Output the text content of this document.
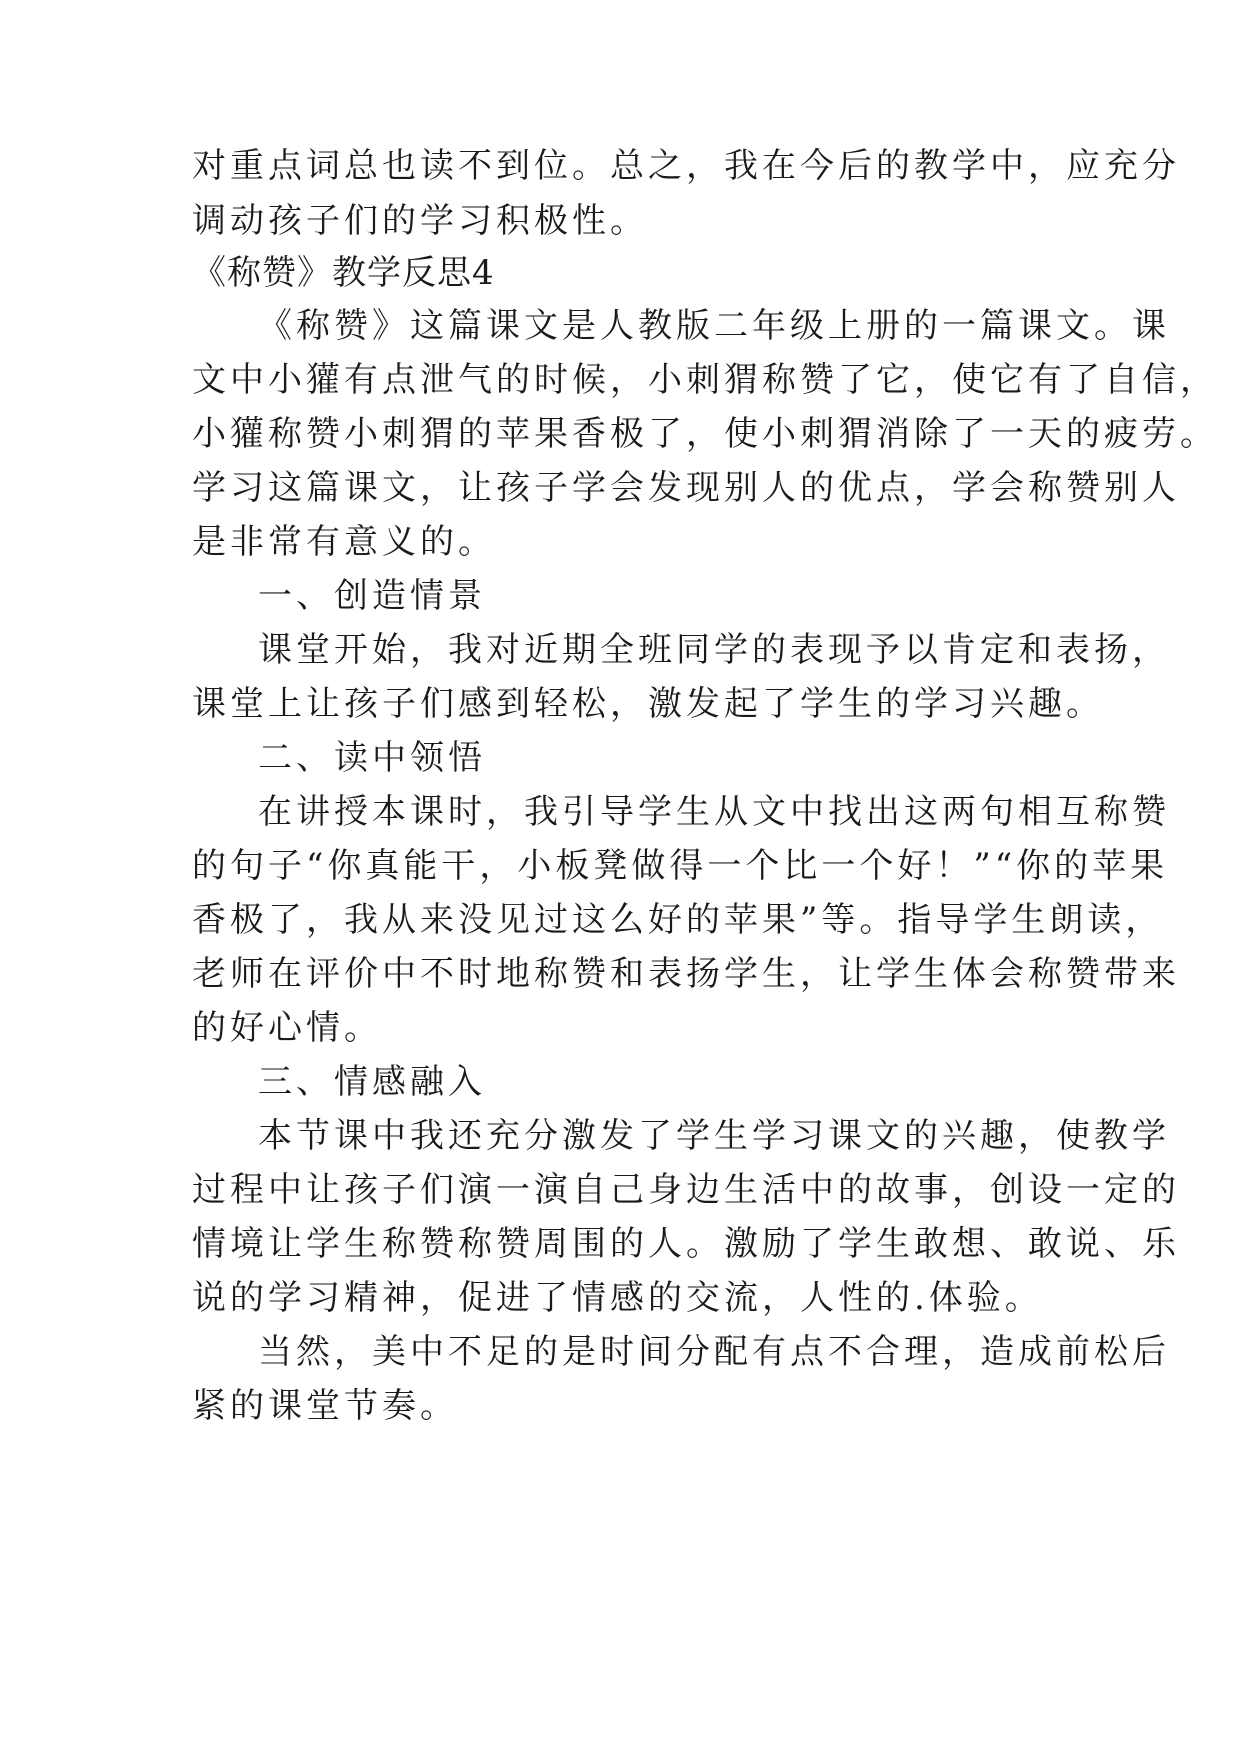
对重点词总也读不到位。总之，我在今后的教学中，应充分
调动孩子们的学习积极性。
《称赞》教学反思4
《称赞》这篇课文是人教版二年级上册的一篇课文。课
文中小獾有点泄气的时候，小刺猬称赞了它，使它有了自信，
小獾称赞小刺猬的苹果香极了，使小刺猬消除了一天的疲劳。
学习这篇课文，让孩子学会发现别人的优点，学会称赞别人
是非常有意义的。
一、创造情景
课堂开始，我对近期全班同学的表现予以肯定和表扬，
课堂上让孩子们感到轻松，激发起了学生的学习兴趣。
二、读中领悟
在讲授本课时，我引导学生从文中找出这两句相互称赞
的句子“你真能干，小板凳做得一个比一个好！”“你的苹果
香极了，我从来没见过这么好的苹果”等。指导学生朗读，
老师在评价中不时地称赞和表扬学生，让学生体会称赞带来
的好心情。
三、情感融入
本节课中我还充分激发了学生学习课文的兴趣，使教学
过程中让孩子们演一演自己身边生活中的故事，创设一定的
情境让学生称赞称赞周围的人。激励了学生敢想、敢说、乐
说的学习精神，促进了情感的交流，人性的.体验。
当然，美中不足的是时间分配有点不合理，造成前松后
紧的课堂节奏。
